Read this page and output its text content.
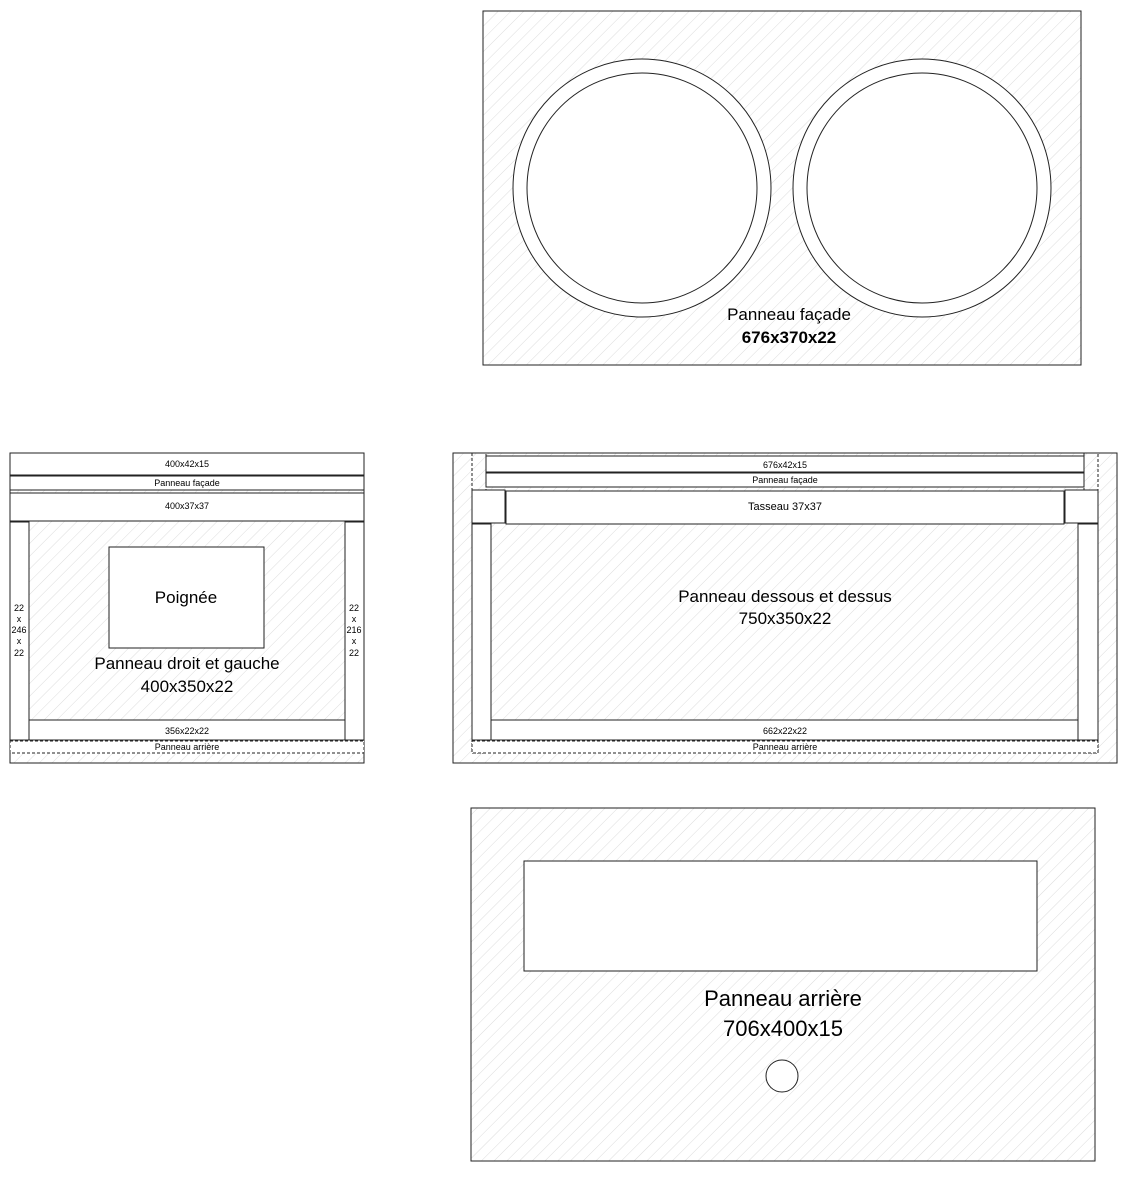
Panneau façade
676x370x22
400x42x15
Panneau façade
400x37x37
22
x
246
x
22
22
x
216
x
22
Poignée
Panneau droit et gauche
400x350x22
356x22x22
Panneau arrière
676x42x15
Panneau façade
Tasseau 37x37
Panneau dessous et dessus
750x350x22
662x22x22
Panneau arrière
Panneau arrière
706x400x15
